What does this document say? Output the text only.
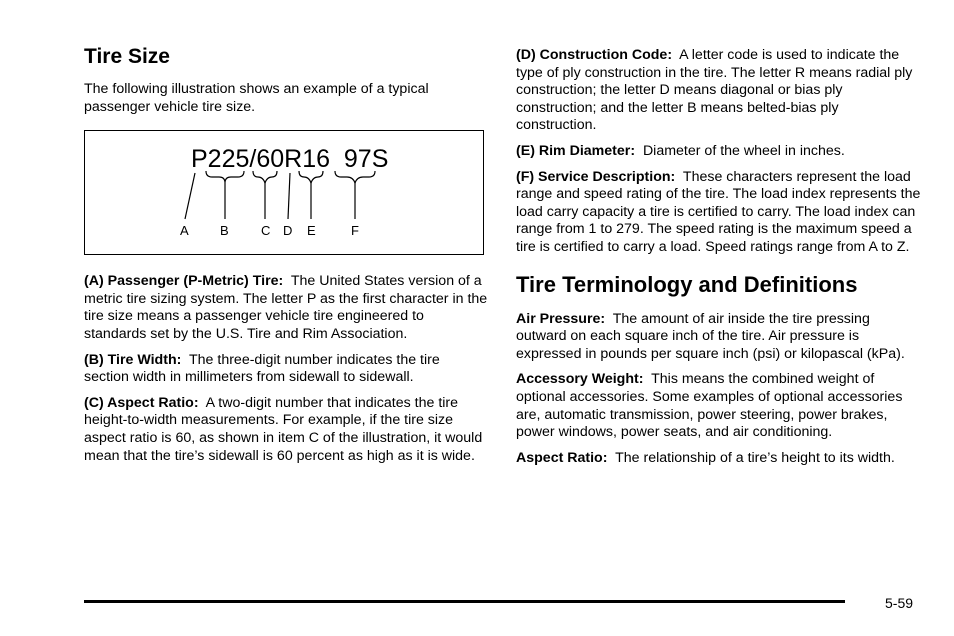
Tire Size

The following illustration shows an example of a typical passenger vehicle tire size.

P225/60R16  97S
A B C D E	F

(A) Passenger (P-Metric) Tire: The United States version of a metric tire sizing system. The letter P as the first character in the tire size means a passenger vehicle tire engineered to standards set by the U.S. Tire and Rim Association.

(B) Tire Width: The three-digit number indicates the tire section width in millimeters from sidewall to sidewall.

(C) Aspect Ratio: A two-digit number that indicates the tire height-to-width measurements. For example, if the tire size aspect ratio is 60, as shown in item C of the illustration, it would mean that the tire’s sidewall is 60 percent as high as it is wide.

(D) Construction Code: A letter code is used to indicate the type of ply construction in the tire. The letter R means radial ply construction; the letter D means diagonal or bias ply construction; and the letter B means belted-bias ply construction.

(E) Rim Diameter: Diameter of the wheel in inches.

(F) Service Description: These characters represent the load range and speed rating of the tire. The load index represents the load carry capacity a tire is certified to carry. The load index can range from 1 to 279. The speed rating is the maximum speed a tire is certified to carry a load. Speed ratings range from A to Z.

Tire Terminology and Definitions

Air Pressure: The amount of air inside the tire pressing outward on each square inch of the tire. Air pressure is expressed in pounds per square inch (psi) or kilopascal (kPa).

Accessory Weight: This means the combined weight of optional accessories. Some examples of optional accessories are, automatic transmission, power steering, power brakes, power windows, power seats, and air conditioning.

Aspect Ratio: The relationship of a tire’s height to its width.

5-59
